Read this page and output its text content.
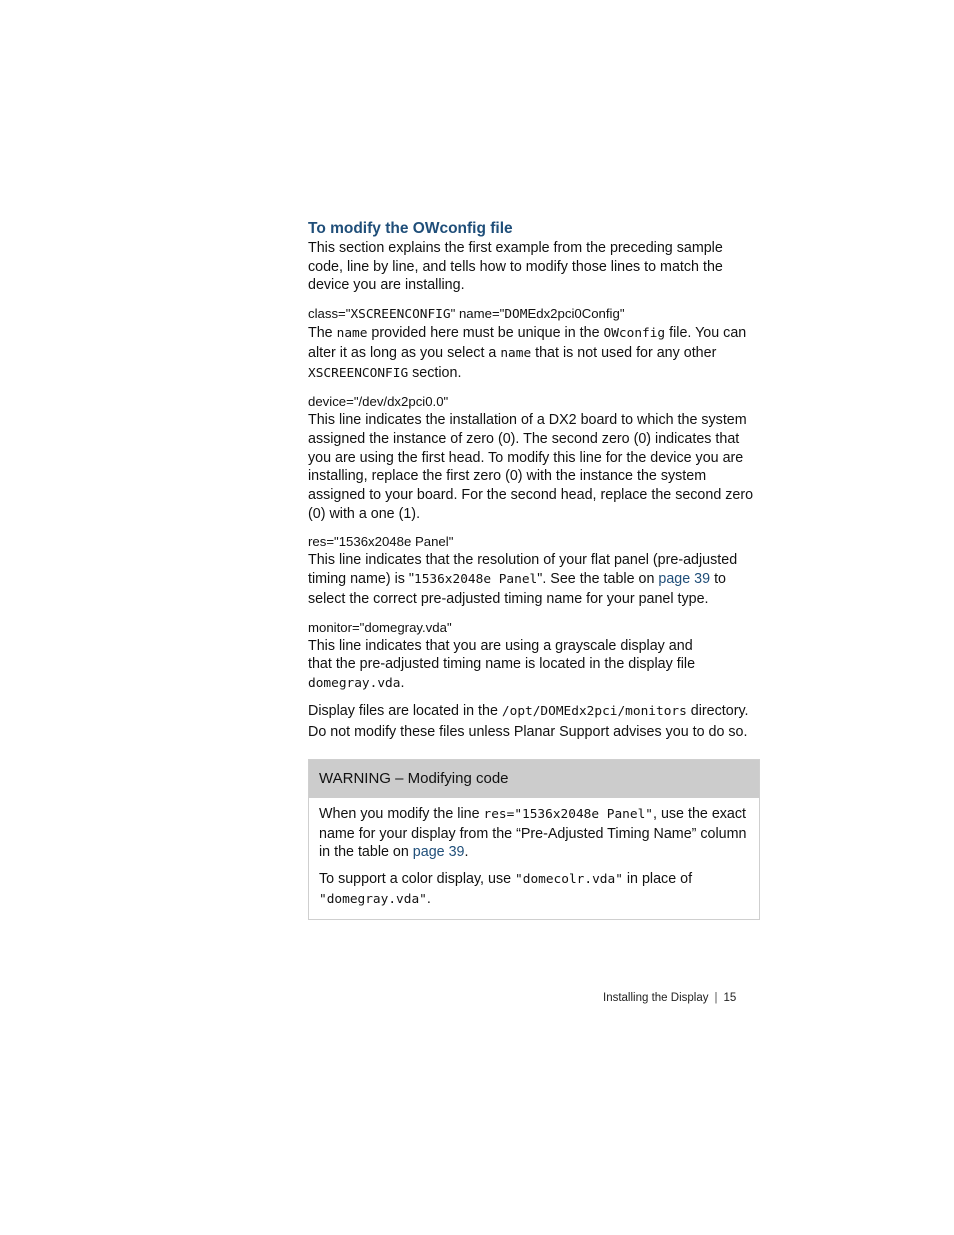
To modify the OWconfig file

This section explains the first example from the preceding sample code, line by line, and tells how to modify those lines to match the device you are installing.

class="XSCREENCONFIG" name="DOMEdx2pci0Config"

The name provided here must be unique in the OWconfig file. You can alter it as long as you select a name that is not used for any other XSCREENCONFIG section.

device="/dev/dx2pci0.0"

This line indicates the installation of a DX2 board to which the system assigned the instance of zero (0). The second zero (0) indicates that you are using the first head. To modify this line for the device you are installing, replace the first zero (0) with the instance the system assigned to your board. For the second head, replace the second zero (0) with a one (1).

res="1536x2048e Panel"

This line indicates that the resolution of your flat panel (pre-adjusted timing name) is "1536x2048e Panel". See the table on page 39 to select the correct pre-adjusted timing name for your panel type.

monitor="domegray.vda"

This line indicates that you are using a grayscale display and

that the pre-adjusted timing name is located in the display file

domegray.vda.

Display files are located in the /opt/DOMEdx2pci/monitors directory.

Do not modify these files unless Planar Support advises you to do so.

WARNING – Modifying code

When you modify the line res="1536x2048e Panel", use the exact name for your display from the “Pre-Adjusted Timing Name” column in the table on page 39.

To support a color display, use "domecolr.vda" in place of "domegray.vda".

Installing the Display | 15
